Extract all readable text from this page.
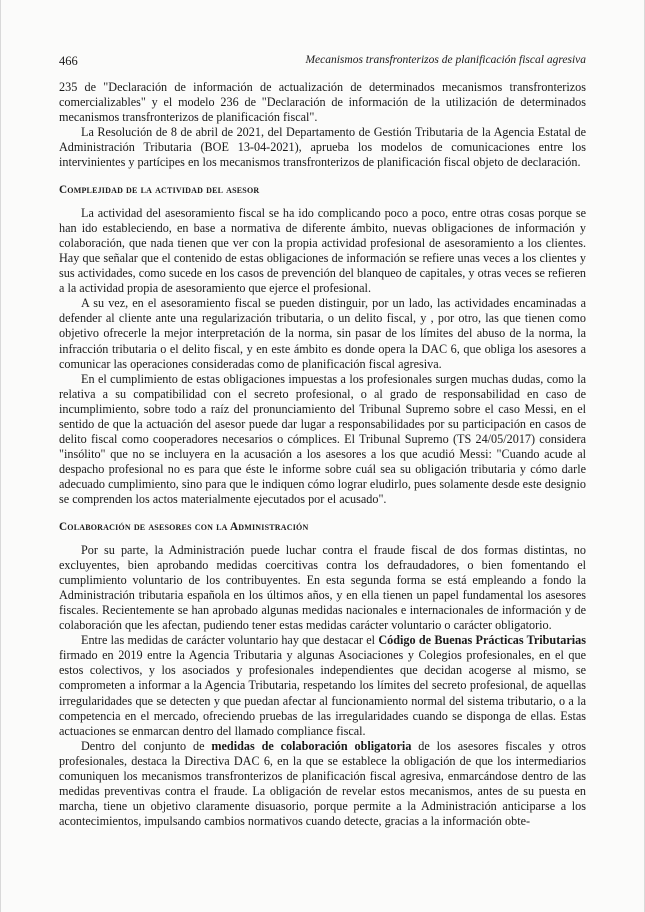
466	Mecanismos transfronterizos de planificación fiscal agresiva

235 de "Declaración de información de actualización de determinados mecanismos transfronterizos comercializables" y el modelo 236 de "Declaración de información de la utilización de determinados mecanismos transfronterizos de planificación fiscal".

La Resolución de 8 de abril de 2021, del Departamento de Gestión Tributaria de la Agencia Estatal de Administración Tributaria (BOE 13-04-2021), aprueba los modelos de comunicaciones entre los intervinientes y partícipes en los mecanismos transfronterizos de planificación fiscal objeto de declaración.

Complejidad de la actividad del asesor

La actividad del asesoramiento fiscal se ha ido complicando poco a poco, entre otras cosas porque se han ido estableciendo, en base a normativa de diferente ámbito, nuevas obligaciones de información y colaboración, que nada tienen que ver con la propia actividad profesional de asesoramiento a los clientes. Hay que señalar que el contenido de estas obligaciones de información se refiere unas veces a los clientes y sus actividades, como sucede en los casos de prevención del blanqueo de capitales, y otras veces se refieren a la actividad propia de asesoramiento que ejerce el profesional.

A su vez, en el asesoramiento fiscal se pueden distinguir, por un lado, las actividades encaminadas a defender al cliente ante una regularización tributaria, o un delito fiscal, y , por otro, las que tienen como objetivo ofrecerle la mejor interpretación de la norma, sin pasar de los límites del abuso de la norma, la infracción tributaria o el delito fiscal, y en este ámbito es donde opera la DAC 6, que obliga los asesores a comunicar las operaciones consideradas como de planificación fiscal agresiva.

En el cumplimiento de estas obligaciones impuestas a los profesionales surgen muchas dudas, como la relativa a su compatibilidad con el secreto profesional, o al grado de responsabilidad en caso de incumplimiento, sobre todo a raíz del pronunciamiento del Tribunal Supremo sobre el caso Messi, en el sentido de que la actuación del asesor puede dar lugar a responsabilidades por su participación en casos de delito fiscal como cooperadores necesarios o cómplices. El Tribunal Supremo (TS 24/05/2017) considera "insólito" que no se incluyera en la acusación a los asesores a los que acudió Messi: "Cuando acude al despacho profesional no es para que éste le informe sobre cuál sea su obligación tributaria y cómo darle adecuado cumplimiento, sino para que le indiquen cómo lograr eludirlo, pues solamente desde este designio se comprenden los actos materialmente ejecutados por el acusado".

Colaboración de asesores con la Administración

Por su parte, la Administración puede luchar contra el fraude fiscal de dos formas distintas, no excluyentes, bien aprobando medidas coercitivas contra los defraudadores, o bien fomentando el cumplimiento voluntario de los contribuyentes. En esta segunda forma se está empleando a fondo la Administración tributaria española en los últimos años, y en ella tienen un papel fundamental los asesores fiscales. Recientemente se han aprobado algunas medidas nacionales e internacionales de información y de colaboración que les afectan, pudiendo tener estas medidas carácter voluntario o carácter obligatorio.

Entre las medidas de carácter voluntario hay que destacar el Código de Buenas Prácticas Tributarias firmado en 2019 entre la Agencia Tributaria y algunas Asociaciones y Colegios profesionales, en el que estos colectivos, y los asociados y profesionales independientes que decidan acogerse al mismo, se comprometen a informar a la Agencia Tributaria, respetando los límites del secreto profesional, de aquellas irregularidades que se detecten y que puedan afectar al funcionamiento normal del sistema tributario, o a la competencia en el mercado, ofreciendo pruebas de las irregularidades cuando se disponga de ellas. Estas actuaciones se enmarcan dentro del llamado compliance fiscal.

Dentro del conjunto de medidas de colaboración obligatoria de los asesores fiscales y otros profesionales, destaca la Directiva DAC 6, en la que se establece la obligación de que los intermediarios comuniquen los mecanismos transfronterizos de planificación fiscal agresiva, enmarcándose dentro de las medidas preventivas contra el fraude. La obligación de revelar estos mecanismos, antes de su puesta en marcha, tiene un objetivo claramente disuasorio, porque permite a la Administración anticiparse a los acontecimientos, impulsando cambios normativos cuando detecte, gracias a la información obte-
